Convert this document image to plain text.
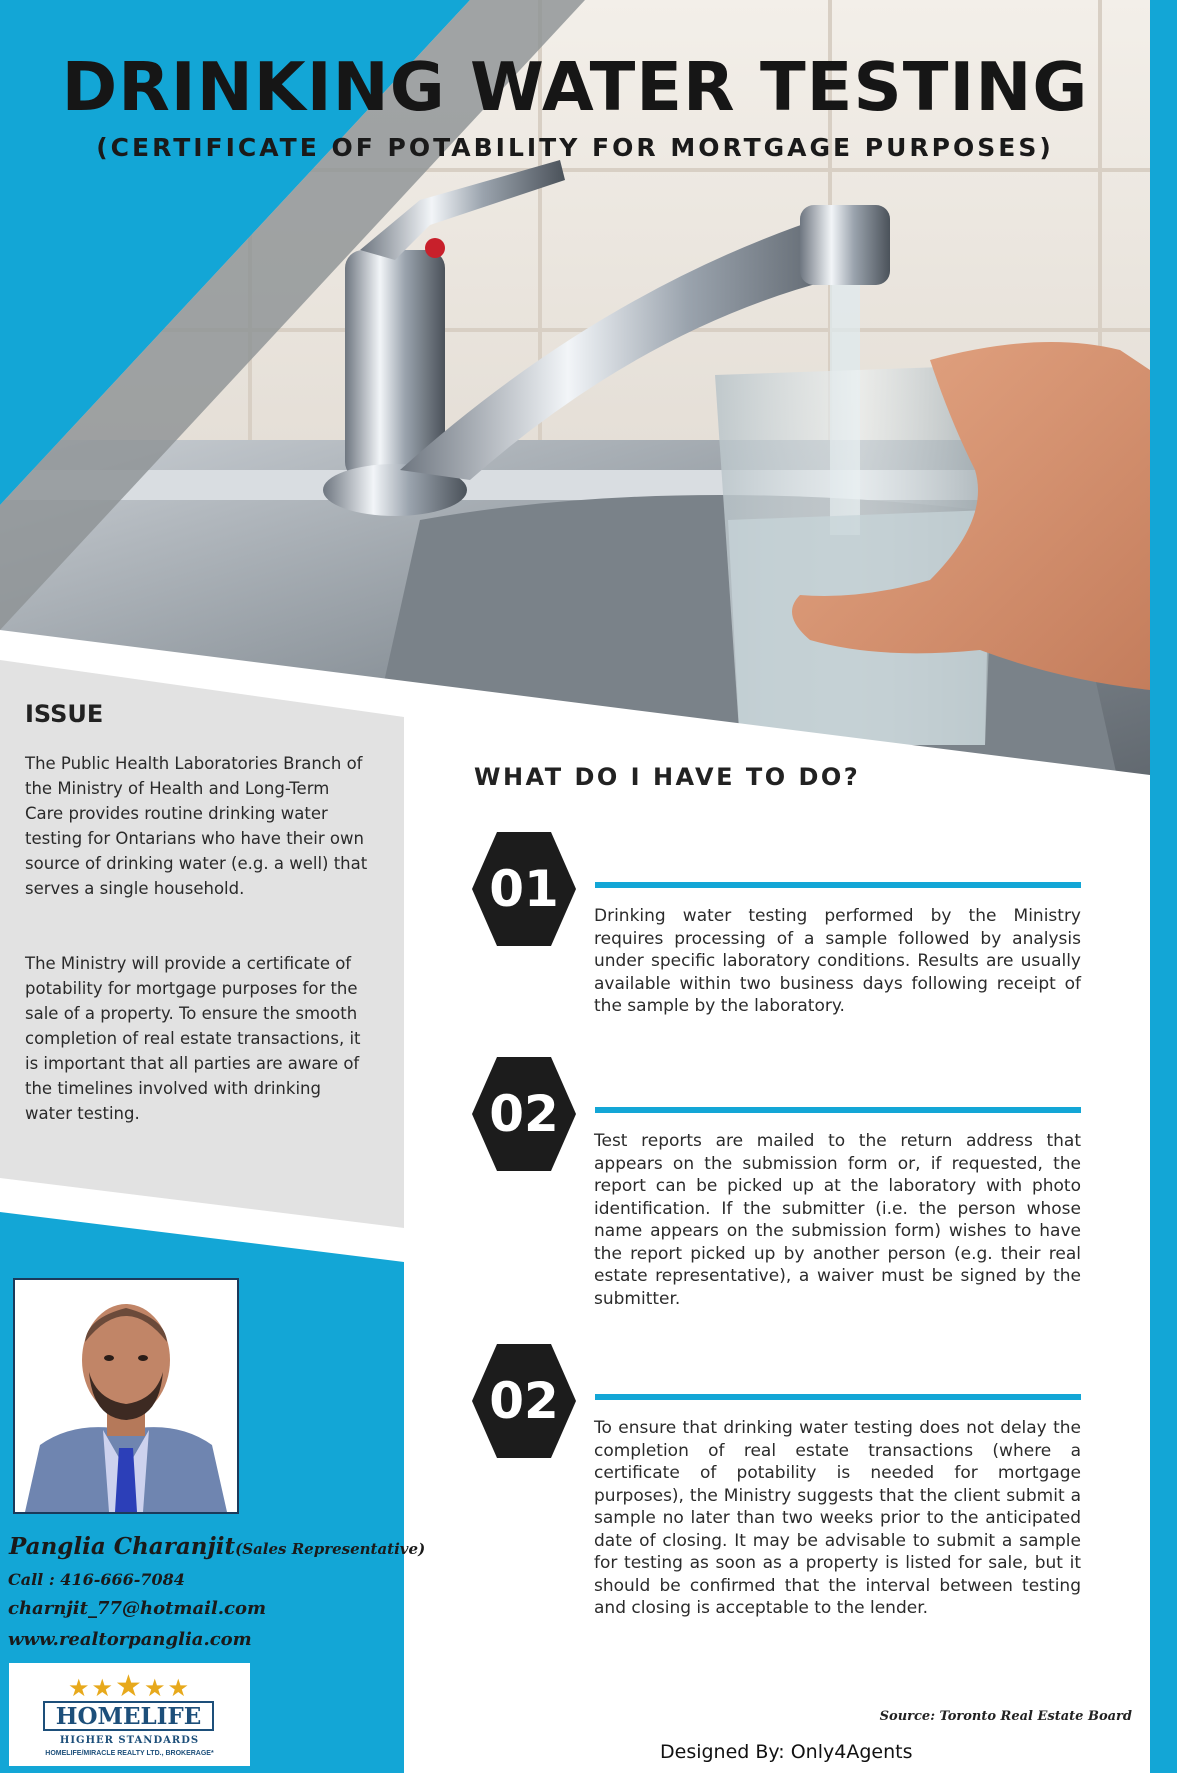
DRINKING WATER TESTING
(CERTIFICATE OF POTABILITY FOR MORTGAGE PURPOSES)
ISSUE

The Public Health Laboratories Branch of the Ministry of Health and Long-Term Care provides routine drinking water testing for Ontarians who have their own source of drinking water (e.g. a well) that serves a single household.

The Ministry will provide a certificate of potability for mortgage purposes for the sale of a property. To ensure the smooth completion of real estate transactions, it is important that all parties are aware of the timelines involved with drinking water testing.

WHAT DO I HAVE TO DO?
01	Drinking water testing performed by the Ministry requires processing of a sample followed by analysis under specific laboratory conditions. Results are usually available within two business days following receipt of the sample by the laboratory.

02	Test reports are mailed to the return address that appears on the submission form or, if requested, the report can be picked up at the laboratory with photo identification. If the submitter (i.e. the person whose name appears on the submission form) wishes to have the report picked up by another person (e.g. their real estate representative), a waiver must be signed by the submitter.

02	To ensure that drinking water testing does not delay the completion of real estate transactions (where a certificate of potability is needed for mortgage purposes), the Ministry suggests that the client submit a sample no later than two weeks prior to the anticipated date of closing. It may be advisable to submit a sample for testing as soon as a property is listed for sale, but it should be confirmed that the interval between testing and closing is acceptable to the lender.

Panglia Charanjit(Sales Representative)

Call : 416-666-7084

charnjit_77@hotmail.com

www.realtorpanglia.com

★★★★★
HOMELIFE
HIGHER STANDARDS
HOMELIFE/MIRACLE REALTY LTD., BROKERAGE*

Source: Toronto Real Estate Board

Designed By: Only4Agents
